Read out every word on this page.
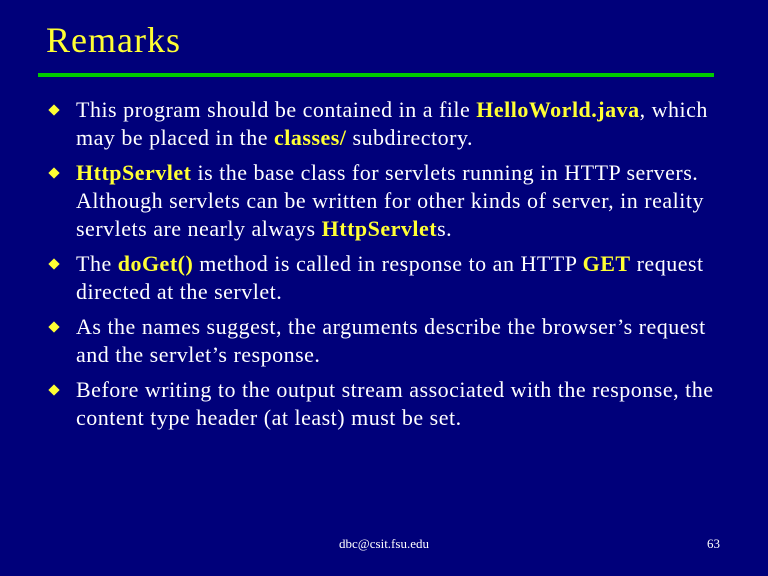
Remarks
This program should be contained in a file HelloWorld.java, which may be placed in the classes/ subdirectory.
HttpServlet is the base class for servlets running in HTTP servers. Although servlets can be written for other kinds of server, in reality servlets are nearly always HttpServlets.
The doGet() method is called in response to an HTTP GET request directed at the servlet.
As the names suggest, the arguments describe the browser’s request and the servlet’s response.
Before writing to the output stream associated with the response, the content type header (at least) must be set.
dbc@csit.fsu.edu	63
